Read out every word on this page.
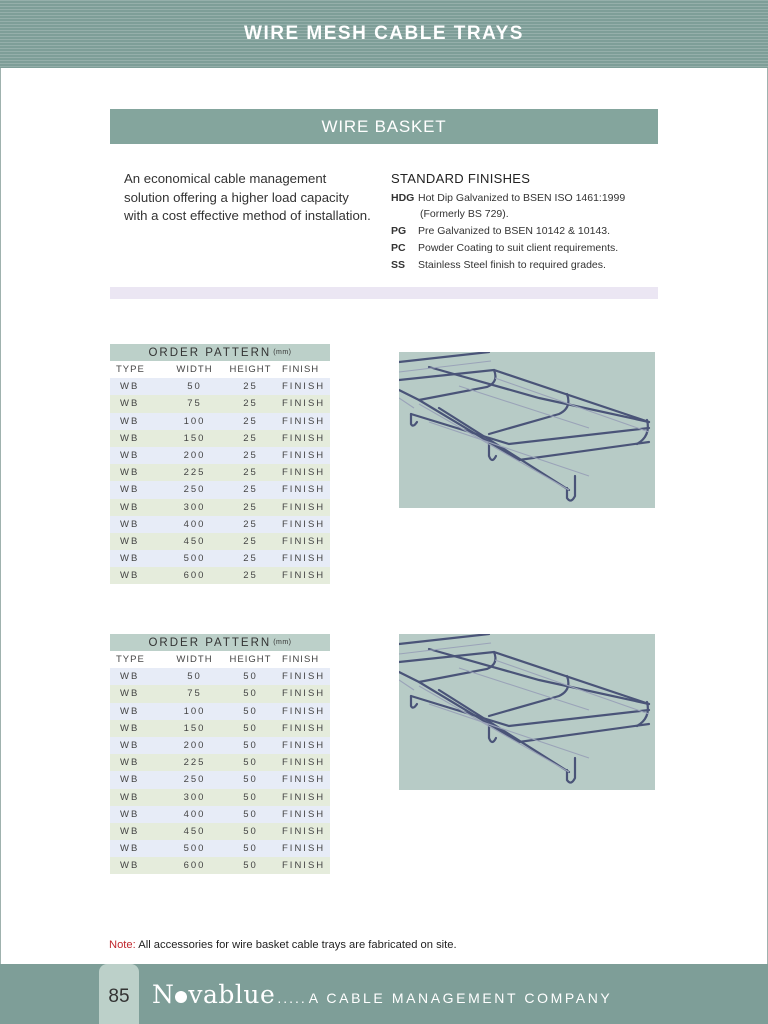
WIRE MESH CABLE TRAYS
WIRE BASKET

An economical cable management solution offering a higher load capacity with a cost effective method of installation.

STANDARD FINISHES
HDG Hot Dip Galvanized to BSEN ISO 1461:1999
(Formerly BS 729).
PG	Pre Galvanized to BSEN 10142 & 10143.
PC	Powder Coating to suit client requirements.
SS	Stainless Steel finish to required grades.
ORDER PATTERN (mm)
TYPE	WIDTH	HEIGHT	FINISH
WB	50	25	FINISH
WB	75	25	FINISH
WB	100	25	FINISH
WB	150	25	FINISH
WB	200	25	FINISH
WB	225	25	FINISH
WB	250	25	FINISH
WB	300	25	FINISH
WB	400	25	FINISH
WB	450	25	FINISH
WB	500	25	FINISH
WB	600	25	FINISH
ORDER PATTERN (mm)
TYPE	WIDTH	HEIGHT	FINISH
WB	50	50	FINISH
WB	75	50	FINISH
WB	100	50	FINISH
WB	150	50	FINISH
WB	200	50	FINISH
WB	225	50	FINISH
WB	250	50	FINISH
WB	300	50	FINISH
WB	400	50	FINISH
WB	450	50	FINISH
WB	500	50	FINISH
WB	600	50	FINISH

Note: All accessories for wire basket cable trays are fabricated on site.

85 N vablue ..... A CABLE MANAGEMENT COMPANY
